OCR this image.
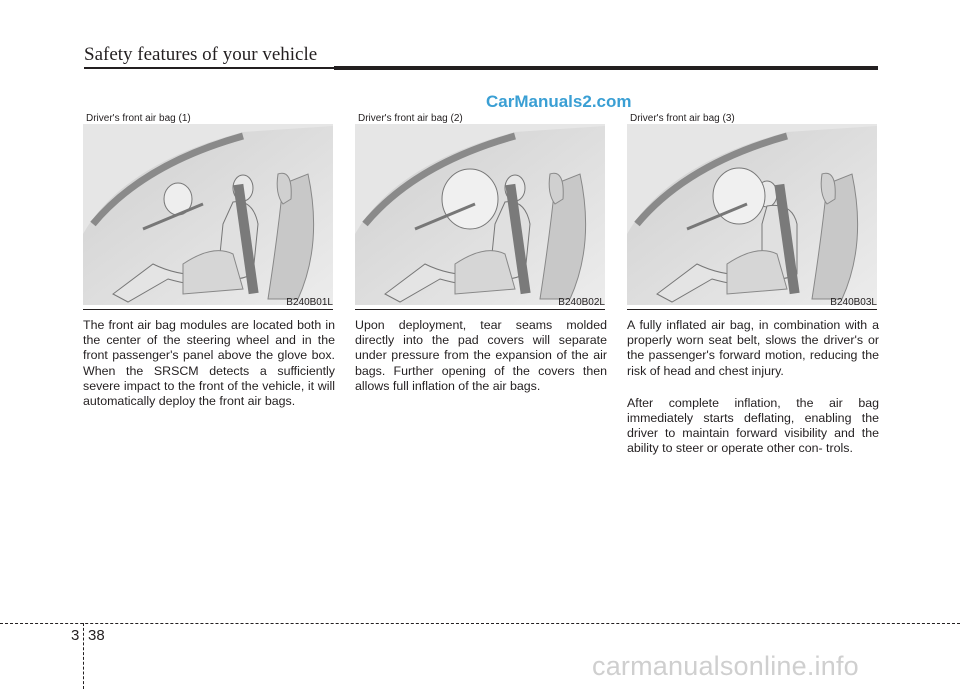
Safety features of your vehicle
CarManuals2.com
Driver's front air bag (1)
B240B01L
Driver's front air bag (2)
B240B02L
Driver's front air bag (3)
B240B03L

The front air bag modules are located both in the center of the steering wheel and in the front passenger's panel above the glove box. When the SRSCM detects a sufficiently severe impact to the front of the vehicle, it will automatically deploy the front air bags.

Upon deployment, tear seams molded directly into the pad covers will separate under pressure from the expansion of the air bags. Further opening of the covers then allows full inflation of the air bags.

A fully inflated air bag, in combination with a properly worn seat belt, slows the driver's or the passenger's forward motion, reducing the risk of head and chest injury.

After complete inflation, the air bag immediately starts deflating, enabling the driver to maintain forward visibility and the ability to steer or operate other con- trols.

3 38
carmanualsonline.info
